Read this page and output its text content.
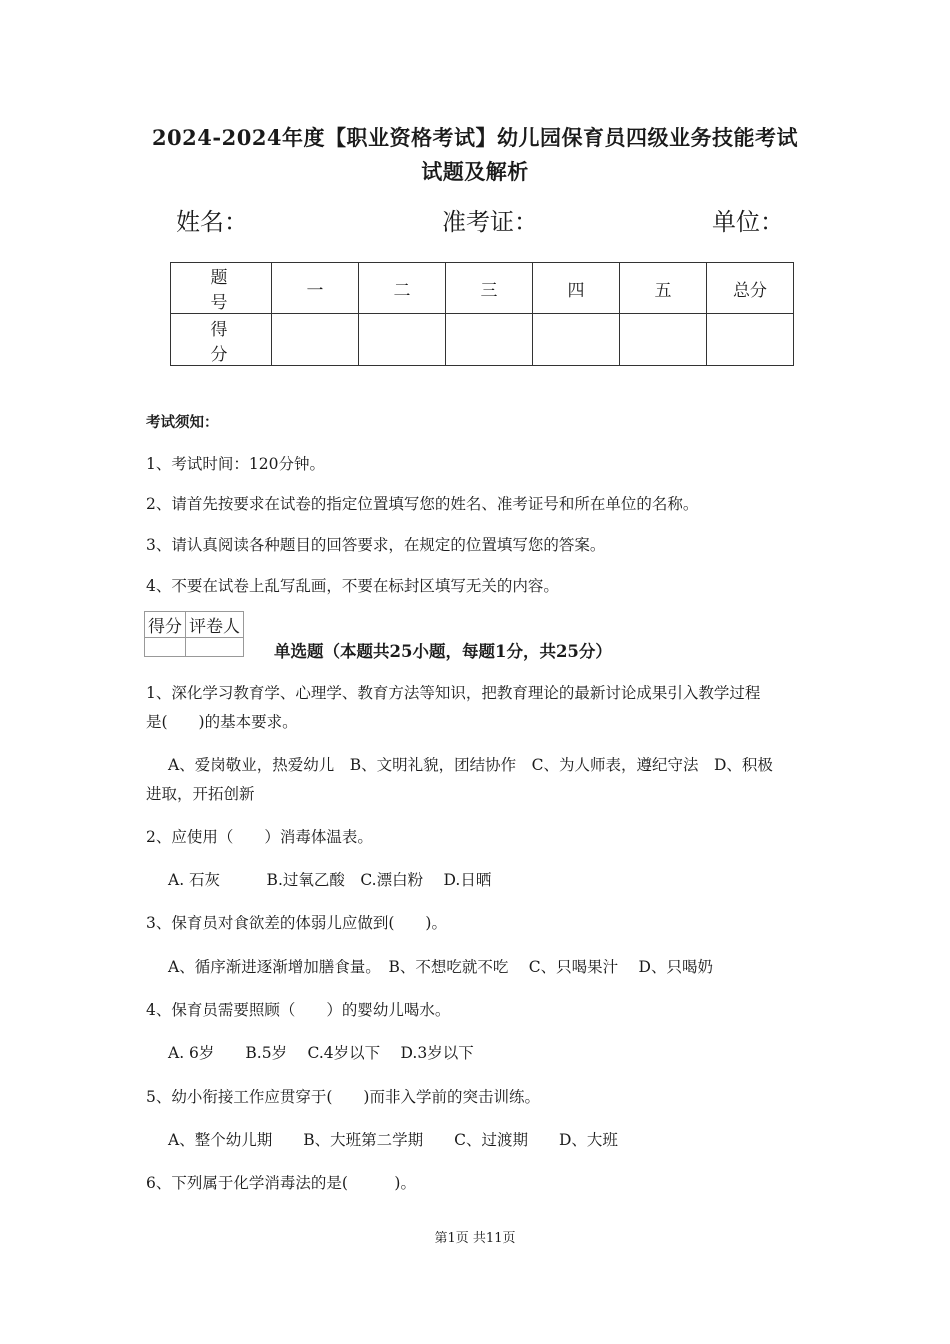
2024-2024年度【职业资格考试】幼儿园保育员四级业务技能考试
试题及解析
姓名：	准考证：	单位：
题　号	一	二	三	四	五	总分
得　分						
考试须知：
1、考试时间：120分钟。
2、请首先按要求在试卷的指定位置填写您的姓名、准考证号和所在单位的名称。
3、请认真阅读各种题目的回答要求，在规定的位置填写您的答案。
4、不要在试卷上乱写乱画，不要在标封区填写无关的内容。
得分	评卷人

单选题（本题共25小题，每题1分，共25分）
1、深化学习教育学、心理学、教育方法等知识，把教育理论的最新讨论成果引入教学过程
是(　　)的基本要求。
A、爱岗敬业，热爱幼儿　B、文明礼貌，团结协作　C、为人师表，遵纪守法　D、积极
进取，开拓创新
2、应使用（　　）消毒体温表。
A. 石灰　　　B.过氧乙酸　C.漂白粉　 D.日晒
3、保育员对食欲差的体弱儿应做到(　　)。
A、循序渐进逐渐增加膳食量。　B、不想吃就不吃　 C、只喝果汁　 D、只喝奶
4、保育员需要照顾（　　）的婴幼儿喝水。
A. 6岁　　B.5岁　 C.4岁以下　 D.3岁以下
5、幼小衔接工作应贯穿于(　　)而非入学前的突击训练。
A、整个幼儿期　　B、大班第二学期　　C、过渡期　　D、大班
6、下列属于化学消毒法的是(　　　)。
第1页 共11页
